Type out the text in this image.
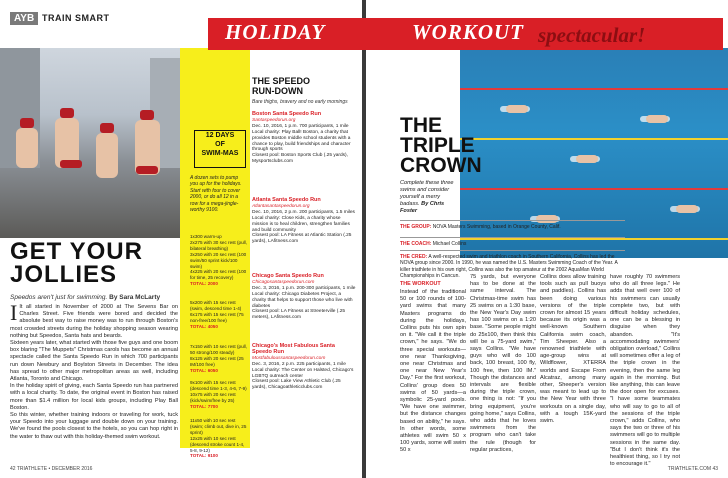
AYB TRAIN SMART
GET YOUR
JOLLIES
Speedos aren't just for swimming. By Sara McLarty
I It all started in November of 2000 at The Sevens Bar on Charles Street. Five friends were bored and decided the absolute best way to raise money was to run through Boston's most crowded streets during the holiday shopping season wearing nothing but Speedos, Santa hats and beards.
Sixteen years later, what started with those five guys and one boom box blaring "The Muppets" Christmas carols has become an annual spectacle called the Santa Speedo Run in which 700 participants run down Newbury and Boylston Streets in December. The idea has spread to other major metropolitan areas as well, including Atlanta, Toronto and Chicago.
In the holiday spirit of giving, each Santa Speedo run has partnered with a local charity. To date, the original event in Boston has raised more than $1.4 million for local kids groups, including Play Ball Boston.
So this winter, whether training indoors or traveling for work, tuck your Speedo into your luggage and double down on your training. We've found the pools closest to the hotels, so you can hop right in the water to thaw out with this holiday-themed swim workout.
12 DAYS
OF
SWIM-MAS
A dozen sets to pump you up for the holidays. Start with four to cover 2000, or do all 12 in a row for a mega-jingle-worthy 9100.
1x300 warm-up
2x275 with 30 sec rest (pull, bilateral breathing)
3x250 with 20 sec rest (100 swim/50 sprint kick/100 swim)
4x225 with 20 sec rest (100 for time, 25 recovery)
TOTAL: 2000
5x200 with 15 sec rest (swim, descend time 1-4)
6x175 with 15 sec rest (75 non-free/100 free)
TOTAL: 4050
7x150 with 10 sec rest (pull, 50 strong/100 steady)
8x125 with 20 sec rest (25 IM/100 free)
TOTAL: 6050
9x100 with 15 sec rest (descend time 1-3, 4-6, 7-9)
10x75 with 20 sec rest (kick/swim/free by 25)
TOTAL: 7700
11x50 with 10 sec rest (swim; climb out, dive in, 25 sprint)
12x25 with 10 sec rest (descend stroke count 1-4, 5-8, 9-12)
TOTAL: 9100
THE SPEEDO
RUN-DOWN
Bare thighs, bravery and no early mornings
Boston Santa Speedo Run
Santaspeedorun.org
Dec. 10, 2016, 1 p.m. 700 participants, 1 mile
Local charity: Play Ball! Boston, a charity that provides Boston middle school students with a chance to play, build friendships and character through sports
Closest pool: Boston Sports Club (.25 yards), Mysportsclubs.com
Atlanta Santa Speedo Run
Atlantasantaspeedorun.org
Dec. 10, 2016, 2 p.m. 200 participants, 1.5 miles
Local charity: Close Kids, a charity whose mission is to heal children, strengthen families and build community
Closest pool: LA Fitness at Atlantic Station (.25 yards), LAfitness.com
Chicago Santa Speedo Run
Chicagosantaspeedorun.com
Dec. 3, 2016, 1 p.m. 200-300 participants, 1 mile
Local charity: Chicago Diabetes Project, a charity that helps to support those who live with diabetes
Closest pool: LA Fitness at Streeterville (.25 meters), LAfitness.com
Chicago's Most Fabulous Santa Speedo Run
Mostfabuloussantaspeedorun.com
Dec. 3, 2016, 2 p.m. 225 participants, 1 mile
Local charity: The Center on Halsted, Chicago's LGBTQ outreach center
Closest pool: Lake View Athletic Club (.25 yards), Chicagoathleticclubs.com
42 TRIATHLETE • DECEMBER 2016
THE
TRIPLE
CROWN
Complete these three swims and consider yourself a merry badass. By Chris Foster
THE GROUP: NOVA Masters Swimming, based in Orange County, Calif.
THE COACH: Michael Collins
THE CRED: A well-respected swim and triathlon coach in Southern California, Collins has led the NOVA group since 2000. In 1990, he was named the U.S. Masters Swimming Coach of the Year. A killer triathlete in his own right, Collins was also the top amateur at the 2002 AquaMan World Championships in Cancun.
THE WORKOUT
Instead of the traditional 50 or 100 rounds of 100-yard swims that many Masters programs do during the holidays, Collins puts his own spin on it. "We call it the triple crown," he says. "We do three special workouts—one near Thanksgiving, one near Christmas and one near New Year's Day." For the first workout, Collins' group does 50 swims of 50 yards—a symbolic 25-yard pools. "We have one swimmer, but the distance changes based on ability," he says. In other words, some athletes will swim 50 x 100 yards, some will swim 50 x
75 yards, but everyone has to be done at the same interval. The Christmas-time swim has 25 swims on a 1:30 base, the New Year's Day swim has 100 swims on a 1:20 base. "Some people might do 25x100, then think this will be a 75-yard swim," says Collins. "We have guys who will do 100 back, 100 breast, 100 fly, 100 free, then 100 IM." Though the distances and intervals are flexible during the triple crown, one thing is not: "If you bring equipment, you're going home," says Collins, who adds that he loves swimmers from the program who can't take the rule (though for regular practices,
Collins does allow training tools such as pull buoys and paddles). Collins has been doing various versions of the triple crown for almost 15 years because its origin was a well-known Southern California swim coach, Tim Sheeper. Also a renowned triathlete with age-group wins at Wildflower, XTERRA worlds and Escape From Alcatraz, among many other, Sheeper's version was meant to lead up to the New Year with three workouts on a single day, with a tough 15K-yard swim.
have roughly 70 swimmers who do all three legs." He adds that well over 100 of his swimmers can usually complete two, but with difficult holiday schedules, one can be a blessing in disguise when they abandon. "It's accommodating swimmers' obligation overload," Collins will sometimes offer a leg of the triple crown in the evening, then the same leg again in the morning. But like anything, this can leave the door open for excuses. "I have some teammates who will say to go to all of the sessions of the triple crown," adds Collins, who says the two or three of his swimmers will go to multiple sessions in the same day. "But I don't think it's the healthiest thing, so I try not to encourage it."
TRIATHLETE.COM 43
HOLIDAY	WORKOUT spectacular!
